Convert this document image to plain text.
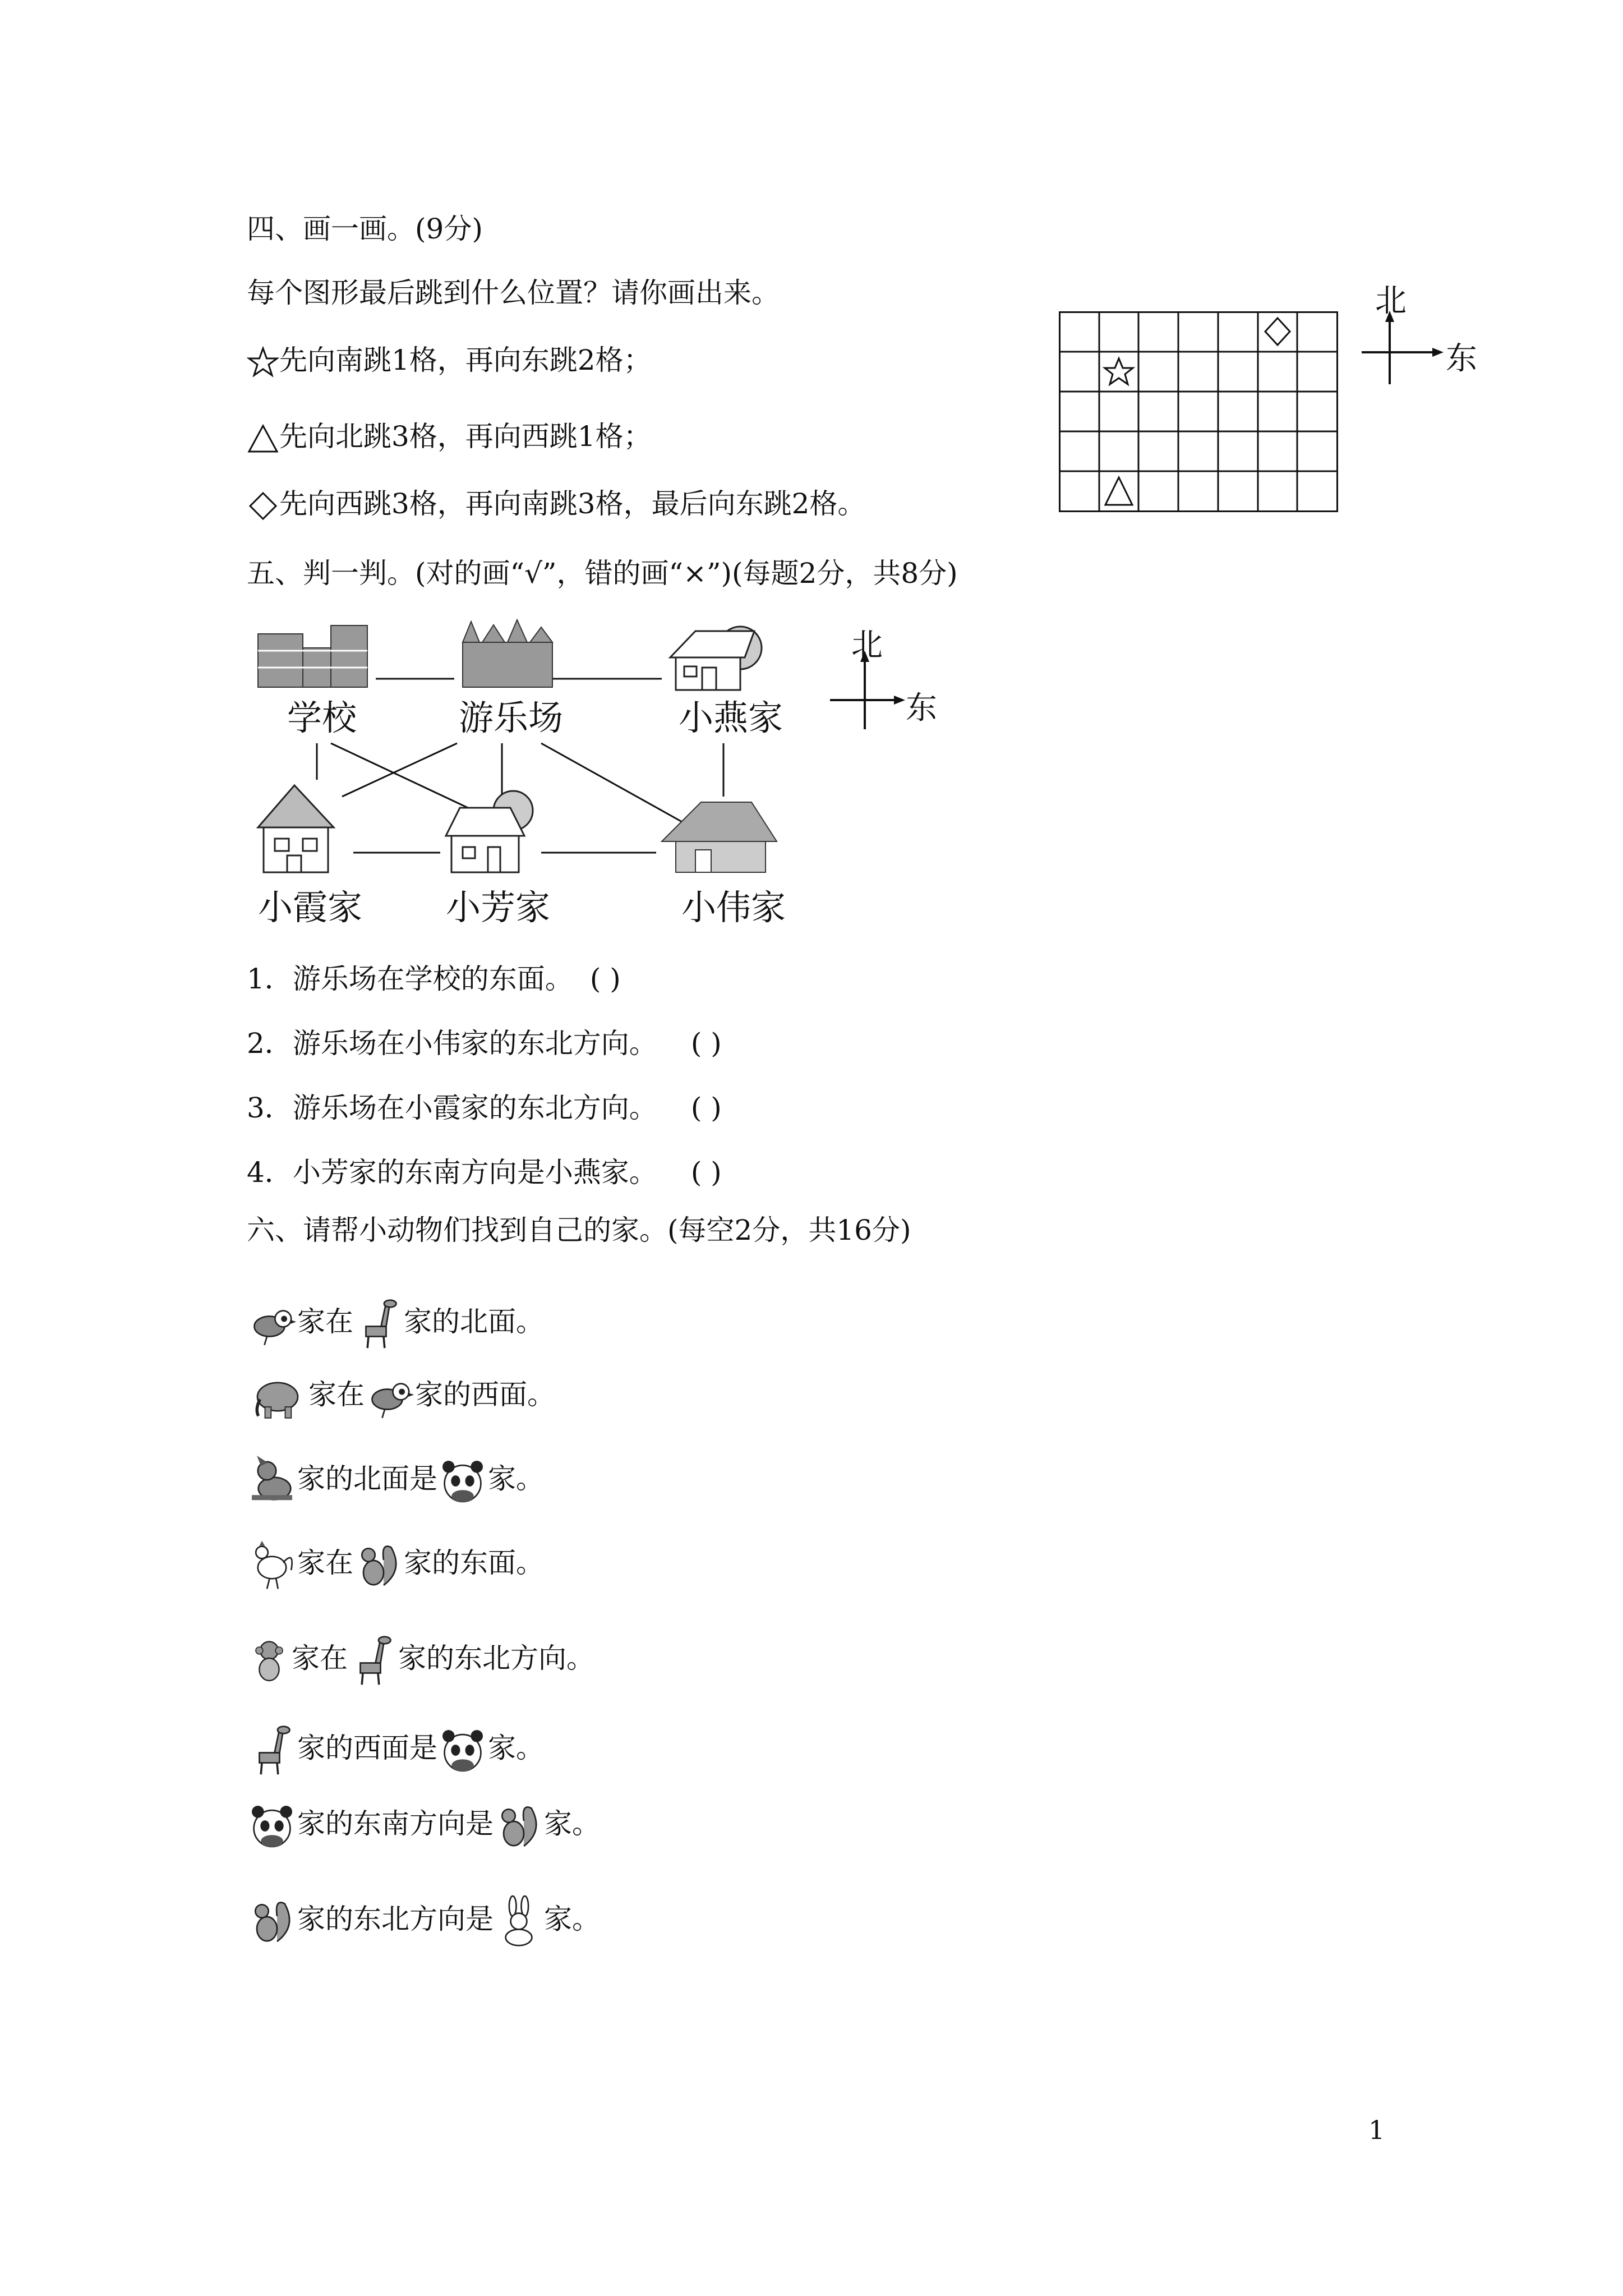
四、画一画。(9分)
每个图形最后跳到什么位置？请你画出来。
先向南跳1格，再向东跳2格；
先向北跳3格，再向西跳1格；
先向西跳3格，再向南跳3格，最后向东跳2格。
北
东
五、判一判。(对的画“√”，错的画“×”)(每题2分，共8分)
学校	游乐场	小燕家
小霞家 小芳家	小伟家
北
东
1．游乐场在学校的东面。 ( )
2．游乐场在小伟家的东北方向。 ( )
3．游乐场在小霞家的东北方向。 ( )
4．小芳家的东南方向是小燕家。 ( )
六、请帮小动物们找到自己的家。(每空2分，共16分)
家在 家的北面。
家在 家的西面。
家的北面是 家。
家在 家的东面。
家在 家的东北方向。
家的西面是 家。
家的东南方向是 家。
家的东北方向是 家。
1
